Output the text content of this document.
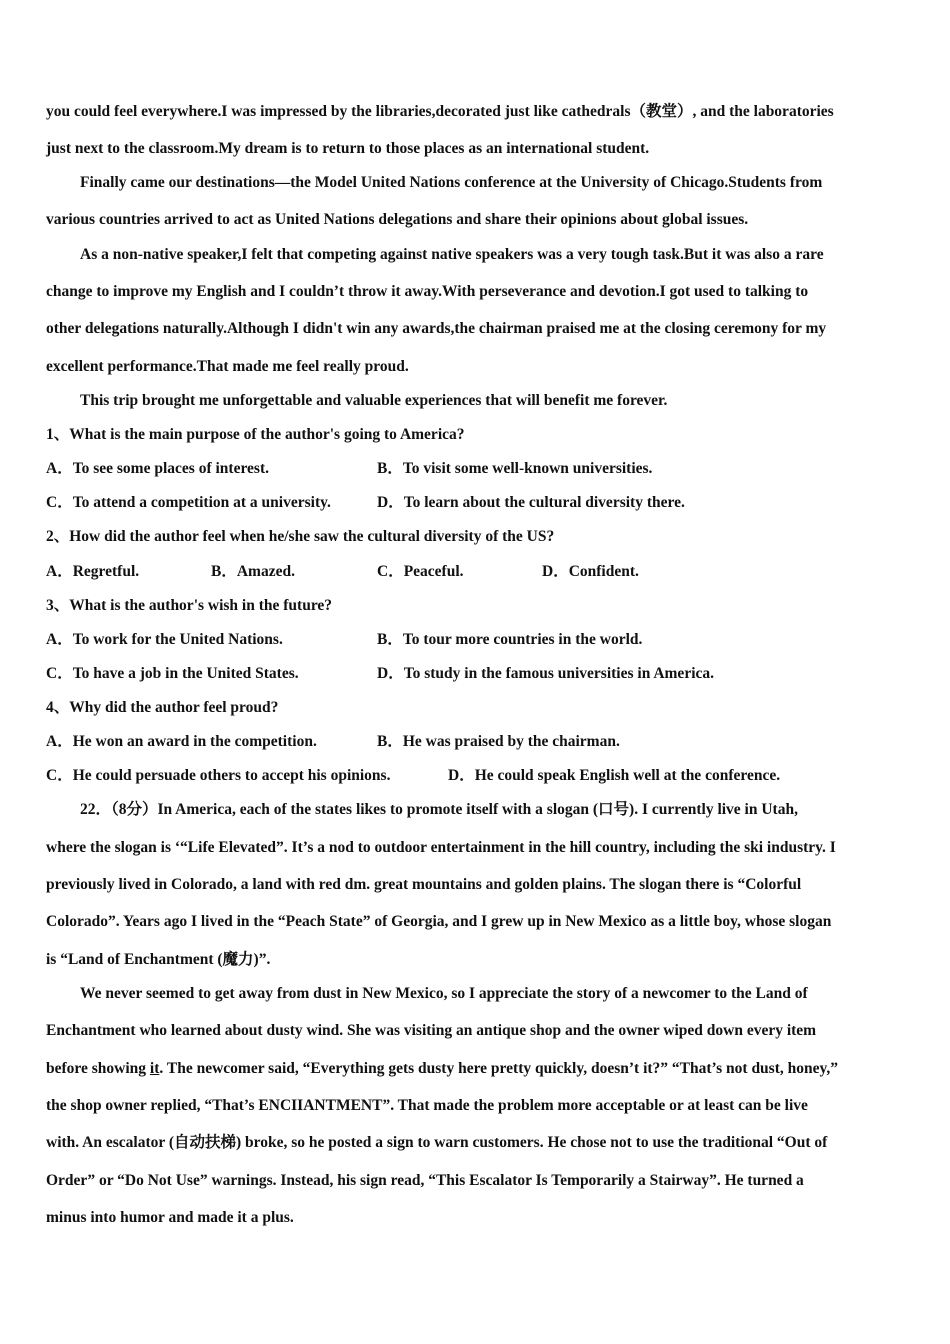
you could feel everywhere.I was impressed by the libraries,decorated just like cathedrals（教堂）, and the laboratories
just next to the classroom.My dream is to return to those places as an international student.
Finally came our destinations—the Model United Nations conference at the University of Chicago.Students from
various countries arrived to act as United Nations delegations and share their opinions about global issues.
As a non-native speaker,I felt that competing against native speakers was a very tough task.But it was also a rare
change to improve my English and I couldn’t throw it away.With perseverance and devotion.I got used to talking to
other delegations naturally.Although I didn't win any awards,the chairman praised me at the closing ceremony for my
excellent performance.That made me feel really proud.
This trip brought me unforgettable and valuable experiences that will benefit me forever.
1、What is the main purpose of the author's going to America?
A．To see some places of interest.	B．To visit some well-known universities.
C．To attend a competition at a university.	D．To learn about the cultural diversity there.
2、How did the author feel when he/she saw the cultural diversity of the US?
A．Regretful.	B．Amazed.	C．Peaceful.	D．Confident.
3、What is the author's wish in the future?
A．To work for the United Nations.	B．To tour more countries in the world.
C．To have a job in the United States.	D．To study in the famous universities in America.
4、Why did the author feel proud?
A．He won an award in the competition.	B．He was praised by the chairman.
C．He could persuade others to accept his opinions.	D．He could speak English well at the conference.
22．（8分）In America, each of the states likes to promote itself with a slogan (口号). I currently live in Utah,
where the slogan is ‘“Life Elevated”. It’s a nod to outdoor entertainment in the hill country, including the ski industry. I
previously lived in Colorado, a land with red dm. great mountains and golden plains. The slogan there is “Colorful
Colorado”. Years ago I lived in the “Peach State” of Georgia, and I grew up in New Mexico as a little boy, whose slogan
is “Land of Enchantment (魔力)”.
We never seemed to get away from dust in New Mexico, so I appreciate the story of a newcomer to the Land of
Enchantment who learned about dusty wind. She was visiting an antique shop and the owner wiped down every item
before showing it. The newcomer said, “Everything gets dusty here pretty quickly, doesn’t it?” “That’s not dust, honey,”
the shop owner replied, “That’s ENCIIANTMENT”. That made the problem more acceptable or at least can be live
with. An escalator (自动扶梯) broke, so he posted a sign to warn customers. He chose not to use the traditional “Out of
Order” or “Do Not Use” warnings. Instead, his sign read, “This Escalator Is Temporarily a Stairway”. He turned a
minus into humor and made it a plus.
